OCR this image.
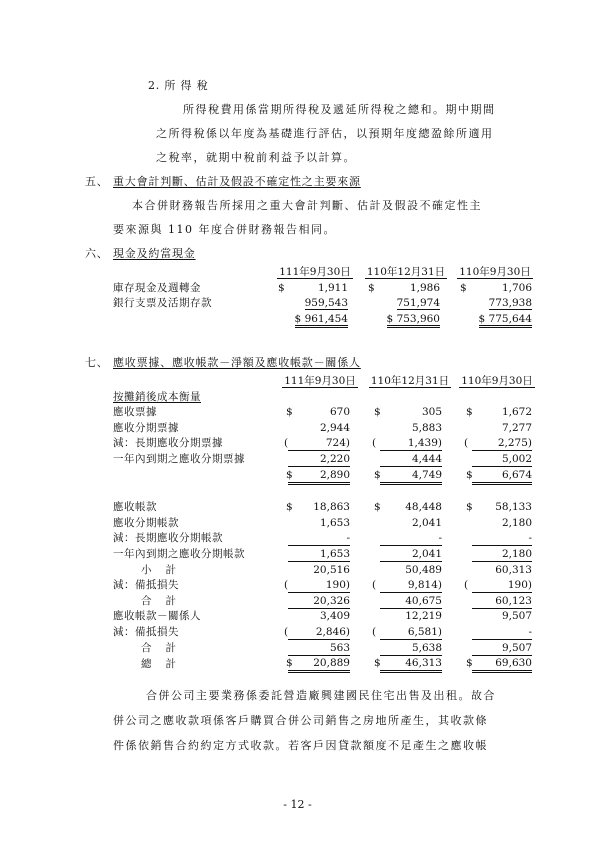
2. 所 得 稅
所得稅費用係當期所得稅及遞延所得稅之總和。期中期間
之所得稅係以年度為基礎進行評估，以預期年度總盈餘所適用
之稅率，就期中稅前利益予以計算。
五、 重大會計判斷、估計及假設不確定性之主要來源
本合併財務報告所採用之重大會計判斷、估計及假設不確定性主
要來源與 110 年度合併財務報告相同。
六、 現金及約當現金
	111年9月30日	110年12月31日	110年9月30日
庫存現金及週轉金	$ 1,911	$ 1,986	$ 1,706
銀行支票及活期存款	959,543	751,974	773,938
	$ 961,454	$ 753,960	$ 775,644
七、 應收票據、應收帳款－淨額及應收帳款－關係人
	111年9月30日	110年12月31日	110年9月30日
按攤銷後成本衡量			
應收票據	$ 670	$ 305	$ 1,672
應收分期票據	2,944	5,883	7,277
減：長期應收分期票據	( 724)	( 1,439)	( 2,275)
一年內到期之應收分期票據	2,220	4,444	5,002

	$ 2,890	$ 4,749	$ 6,674

應收帳款	$ 18,863	$ 48,448	$ 58,133
應收分期帳款	1,653	2,041	2,180
減：長期應收分期帳款	-	-	-
一年內到期之應收分期帳款	1,653	2,041	2,180
小計	20,516	50,489	60,313
減：備抵損失	( 190)	( 9,814)	( 190)
合計	20,326	40,675	60,123
應收帳款－關係人	3,409	12,219	9,507
減：備抵損失	( 2,846)	( 6,581)	-
合計	563	5,638	9,507
總計	$ 20,889	$ 46,313	$ 69,630
合併公司主要業務係委託營造廠興建國民住宅出售及出租。故合
併公司之應收款項係客戶購買合併公司銷售之房地所產生，其收款條
件係依銷售合約約定方式收款。若客戶因貸款額度不足產生之應收帳
- 12 -
